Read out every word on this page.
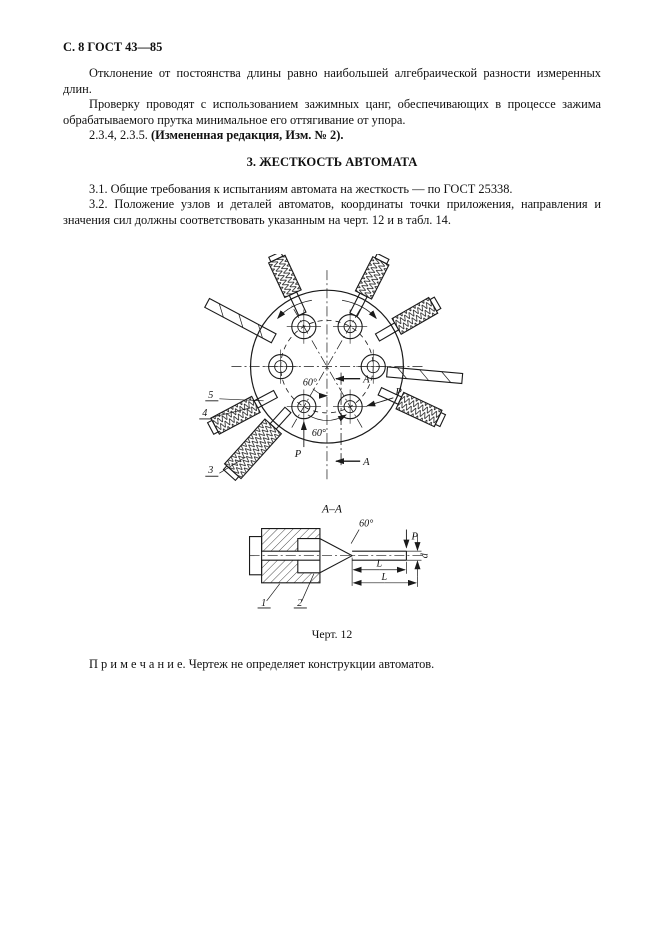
С. 8 ГОСТ 43—85

Отклонение от постоянства длины равно наибольшей алгебраической разности измеренных длин.

Проверку проводят с использованием зажимных цанг, обеспечивающих в процессе зажима обрабатываемого прутка минимальное его оттягивание от упора.

2.3.4, 2.3.5. (Измененная редакция, Изм. № 2).

3. ЖЕСТКОСТЬ АВТОМАТА

3.1. Общие требования к испытаниям автомата на жесткость — по ГОСТ 25338.

3.2. Положение узлов и деталей автоматов, координаты точки приложения, направления и значения сил должны соответствовать указанным на черт. 12 и в табл. 14.

А
А
Р
Р
60°
60°
5
4
3
А–А
60°
d
L
L
Р
1	2
Черт. 12

П р и м е ч а н и е. Чертеж не определяет конструкции автоматов.
